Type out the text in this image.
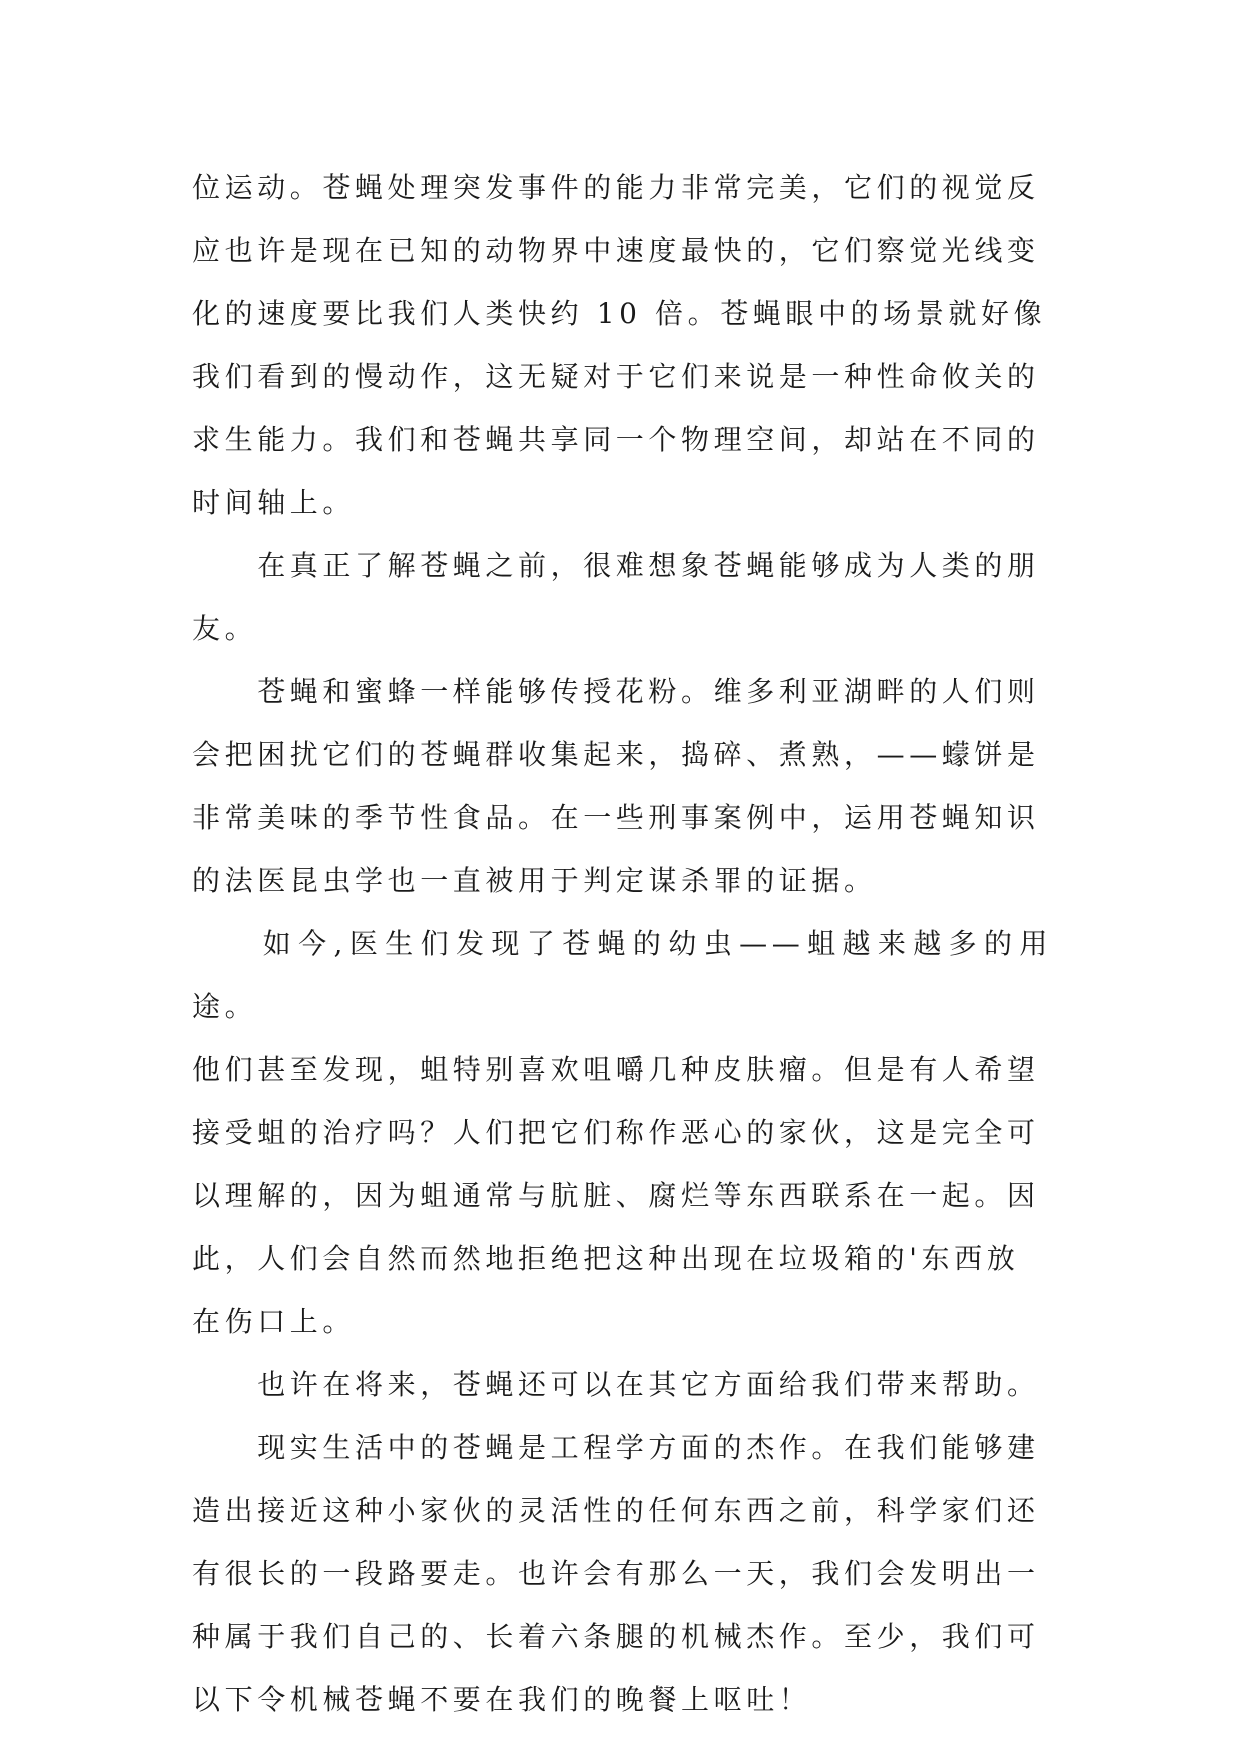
位运动。苍蝇处理突发事件的能力非常完美，它们的视觉反
应也许是现在已知的动物界中速度最快的，它们察觉光线变
化的速度要比我们人类快约 10 倍。苍蝇眼中的场景就好像
我们看到的慢动作，这无疑对于它们来说是一种性命攸关的
求生能力。我们和苍蝇共享同一个物理空间，却站在不同的
时间轴上。

　　在真正了解苍蝇之前，很难想象苍蝇能够成为人类的朋
友。

　　苍蝇和蜜蜂一样能够传授花粉。维多利亚湖畔的人们则
会把困扰它们的苍蝇群收集起来，捣碎、煮熟，——蠓饼是
非常美味的季节性食品。在一些刑事案例中，运用苍蝇知识
的法医昆虫学也一直被用于判定谋杀罪的证据。

　　如今,医生们发现了苍蝇的幼虫——蛆越来越多的用途。
他们甚至发现，蛆特别喜欢咀嚼几种皮肤瘤。但是有人希望
接受蛆的治疗吗？人们把它们称作恶心的家伙，这是完全可
以理解的，因为蛆通常与肮脏、腐烂等东西联系在一起。因
此，人们会自然而然地拒绝把这种出现在垃圾箱的'东西放
在伤口上。

　　也许在将来，苍蝇还可以在其它方面给我们带来帮助。

　　现实生活中的苍蝇是工程学方面的杰作。在我们能够建
造出接近这种小家伙的灵活性的任何东西之前，科学家们还
有很长的一段路要走。也许会有那么一天，我们会发明出一
种属于我们自己的、长着六条腿的机械杰作。至少，我们可
以下令机械苍蝇不要在我们的晚餐上呕吐！
